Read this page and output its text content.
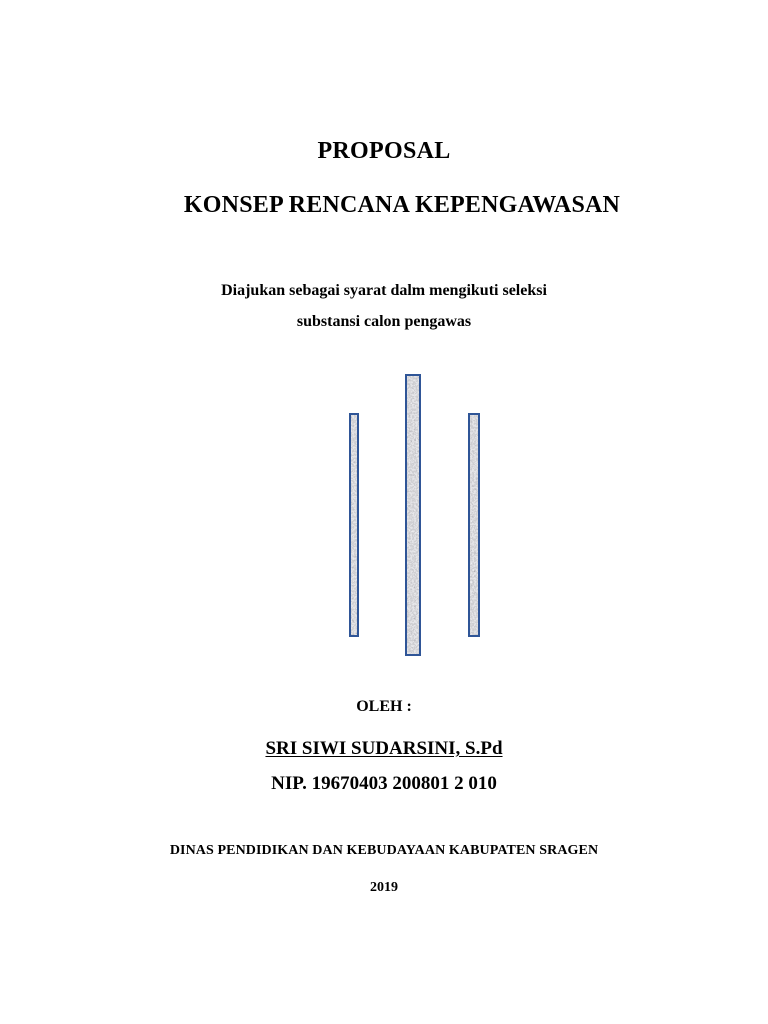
PROPOSAL
KONSEP RENCANA KEPENGAWASAN
Diajukan sebagai syarat dalm mengikuti seleksi
substansi calon pengawas
OLEH :
SRI SIWI SUDARSINI, S.Pd
NIP. 19670403 200801 2 010
DINAS PENDIDIKAN DAN KEBUDAYAAN KABUPATEN SRAGEN
2019
